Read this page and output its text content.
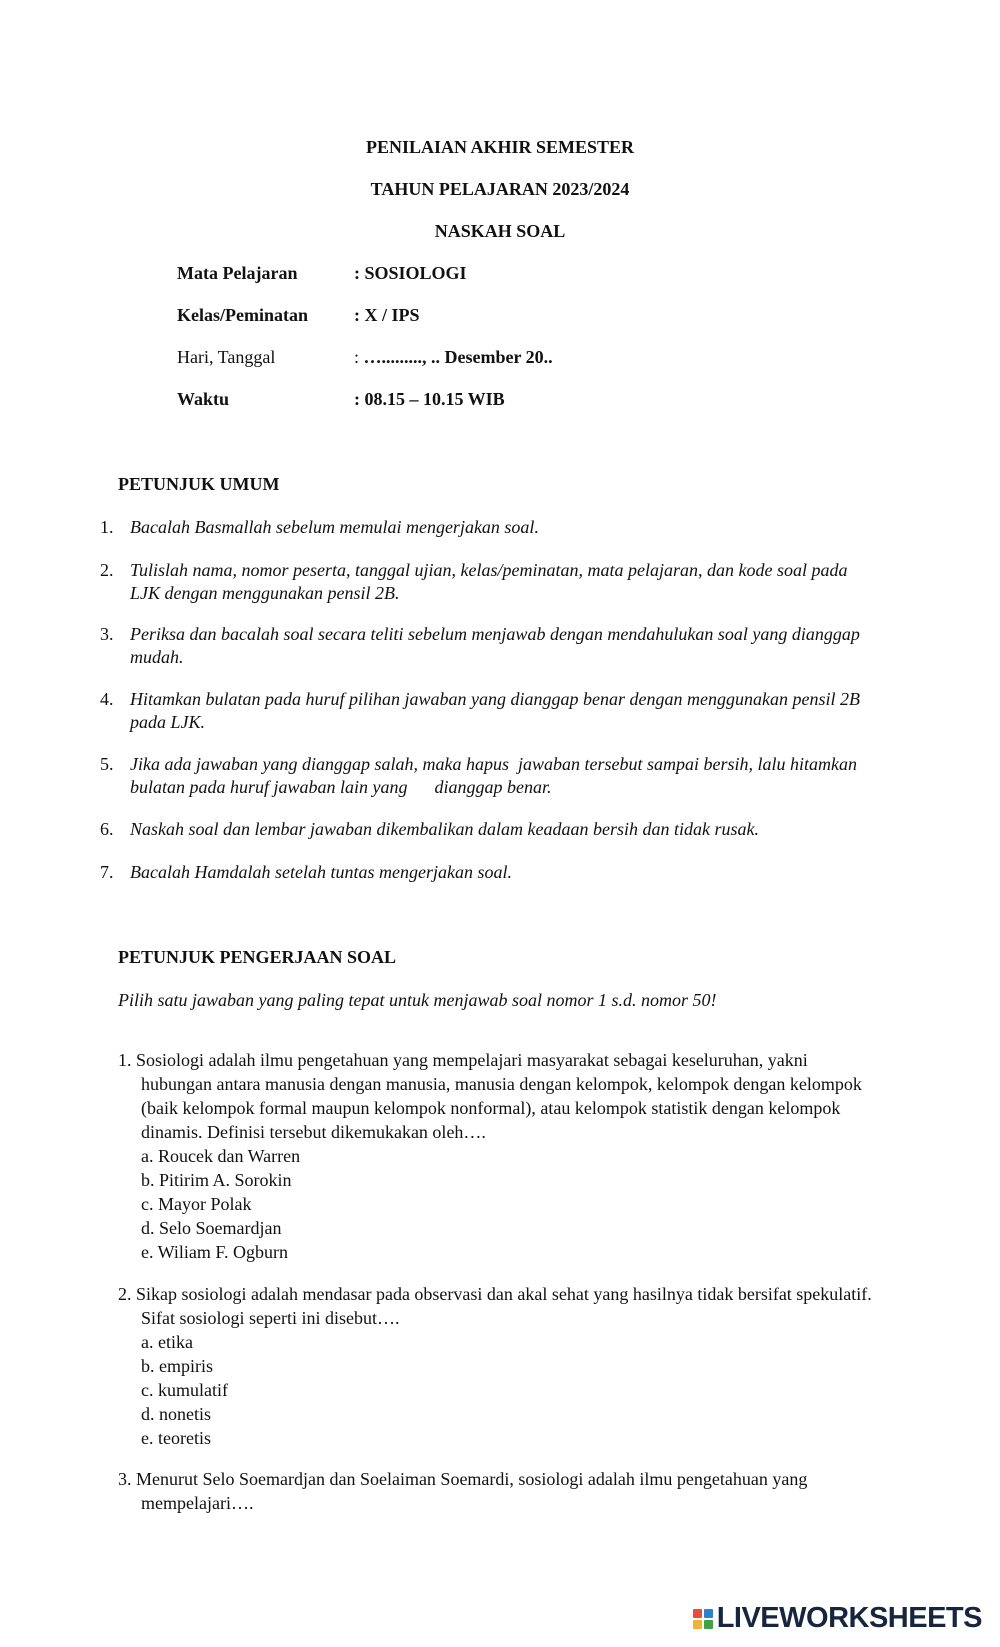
PENILAIAN AKHIR SEMESTER
TAHUN PELAJARAN 2023/2024
NASKAH SOAL
Mata Pelajaran	: SOSIOLOGI
Kelas/Peminatan	: X / IPS
Hari, Tanggal	: …........., .. Desember 20..
Waktu	: 08.15 – 10.15 WIB
PETUNJUK UMUM
1. Bacalah Basmallah sebelum memulai mengerjakan soal.
2. Tulislah nama, nomor peserta, tanggal ujian, kelas/peminatan, mata pelajaran, dan kode soal pada LJK dengan menggunakan pensil 2B.
3. Periksa dan bacalah soal secara teliti sebelum menjawab dengan mendahulukan soal yang dianggap mudah.
4. Hitamkan bulatan pada huruf pilihan jawaban yang dianggap benar dengan menggunakan pensil 2B pada LJK.
5. Jika ada jawaban yang dianggap salah, maka hapus  jawaban tersebut sampai bersih, lalu hitamkan bulatan pada huruf jawaban lain yang      dianggap benar.
6. Naskah soal dan lembar jawaban dikembalikan dalam keadaan bersih dan tidak rusak.
7. Bacalah Hamdalah setelah tuntas mengerjakan soal.
PETUNJUK PENGERJAAN SOAL
Pilih satu jawaban yang paling tepat untuk menjawab soal nomor 1 s.d. nomor 50!
1. Sosiologi adalah ilmu pengetahuan yang mempelajari masyarakat sebagai keseluruhan, yakni hubungan antara manusia dengan manusia, manusia dengan kelompok, kelompok dengan kelompok (baik kelompok formal maupun kelompok nonformal), atau kelompok statistik dengan kelompok dinamis. Definisi tersebut dikemukakan oleh….
a. Roucek dan Warren
b. Pitirim A. Sorokin
c. Mayor Polak
d. Selo Soemardjan
e. Wiliam F. Ogburn
2. Sikap sosiologi adalah mendasar pada observasi dan akal sehat yang hasilnya tidak bersifat spekulatif. Sifat sosiologi seperti ini disebut….
a. etika
b. empiris
c. kumulatif
d. nonetis
e. teoretis
3. Menurut Selo Soemardjan dan Soelaiman Soemardi, sosiologi adalah ilmu pengetahuan yang mempelajari….
LIVEWORKSHEETS
